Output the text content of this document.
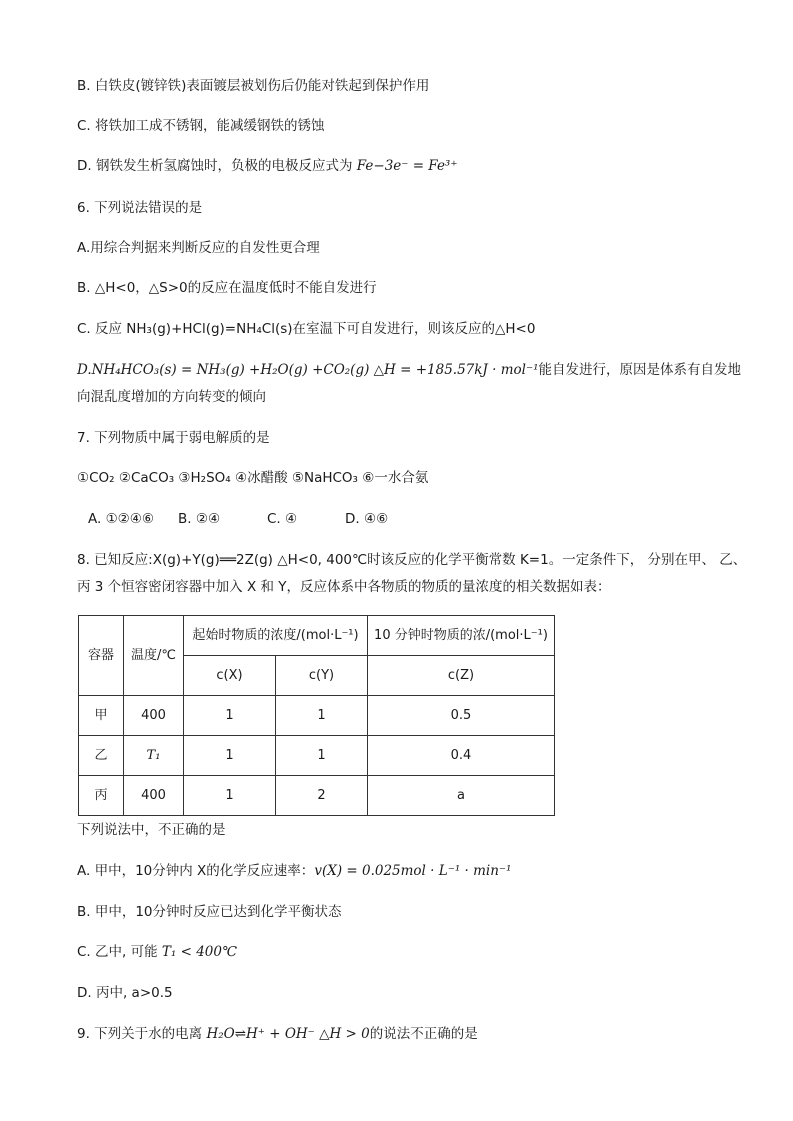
B. 白铁皮(镀锌铁)表面镀层被划伤后仍能对铁起到保护作用
C. 将铁加工成不锈钢，能减缓钢铁的锈蚀
D. 钢铁发生析氢腐蚀时，负极的电极反应式为 Fe−3e⁻ = Fe³⁺
6. 下列说法错误的是
A.用综合判据来判断反应的自发性更合理
B. △H<0，△S>0的反应在温度低时不能自发进行
C. 反应 NH₃(g)+HCl(g)=NH₄Cl(s)在室温下可自发进行，则该反应的△H<0
D.NH₄HCO₃(s) = NH₃(g) +H₂O(g) +CO₂(g) △H = +185.57kJ · mol⁻¹能自发进行，原因是体系有自发地
向混乱度增加的方向转变的倾向
7. 下列物质中属于弱电解质的是
①CO₂ ②CaCO₃ ③H₂SO₄ ④冰醋酸 ⑤NaHCO₃ ⑥一水合氨
A. ①②④⑥ B. ②④	C. ④	D. ④⑥
8. 已知反应:X(g)+Y(g)══2Z(g) △H<0, 400℃时该反应的化学平衡常数 K=1。一定条件下， 分别在甲、 乙、
丙 3 个恒容密闭容器中加入 X 和 Y，反应体系中各物质的物质的量浓度的相关数据如表：
容器	温度/℃	起始时物质的浓度/(mol·L⁻¹)		10 分钟时物质的浓/(mol·L⁻¹)
		c(X)	c(Y)	c(Z)
甲	400	1	1	0.5
乙	T₁	1	1	0.4
丙	400	1	2	a
下列说法中，不正确的是
A. 甲中，10分钟内 X的化学反应速率：v(X) = 0.025mol · L⁻¹ · min⁻¹
B. 甲中，10分钟时反应已达到化学平衡状态
C. 乙中, 可能 T₁ < 400℃
D. 丙中, a>0.5
9. 下列关于水的电离 H₂O⇌H⁺ + OH⁻ △H > 0的说法不正确的是
